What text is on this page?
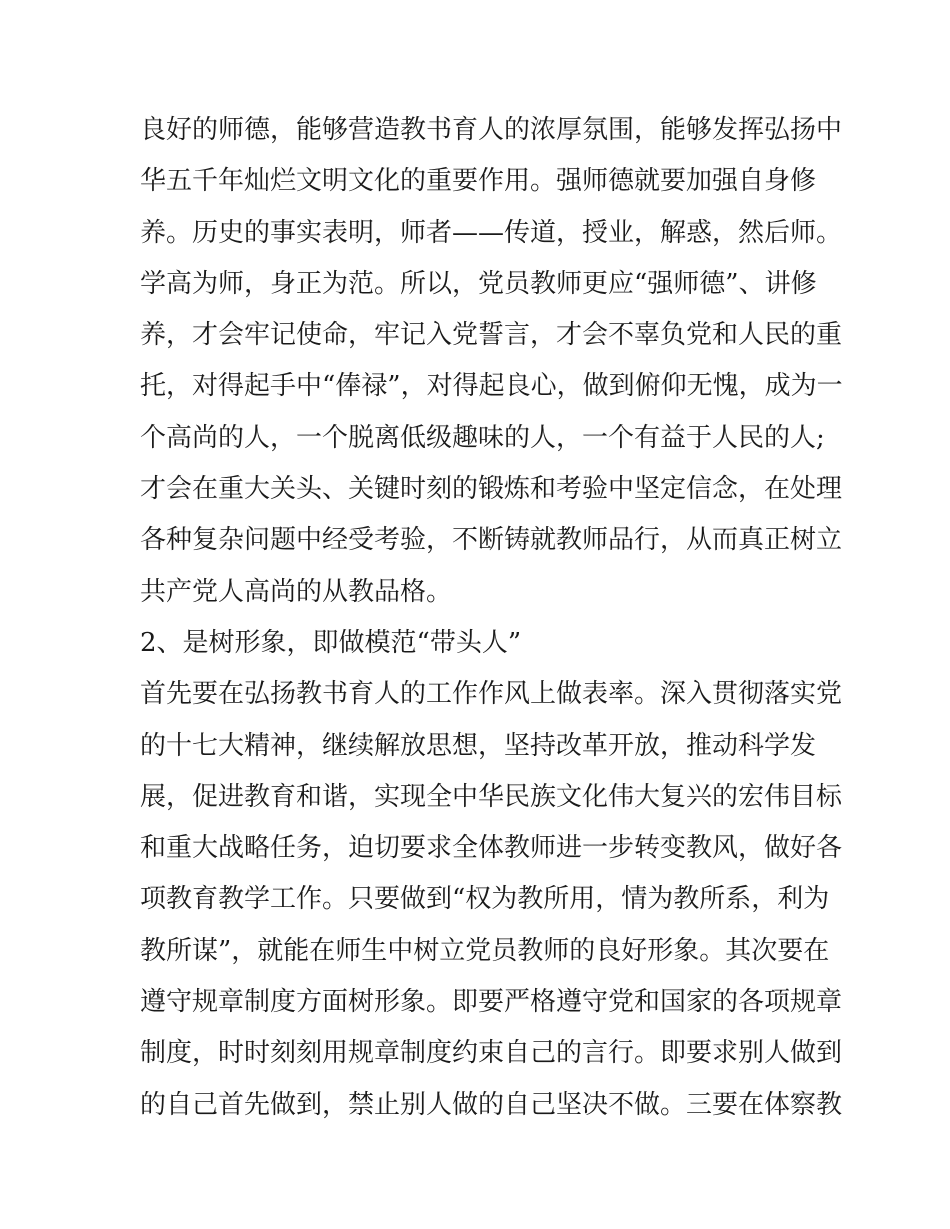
良好的师德，能够营造教书育人的浓厚氛围，能够发挥弘扬中
华五千年灿烂文明文化的重要作用。强师德就要加强自身修
养。历史的事实表明，师者——传道，授业，解惑，然后师。
学高为师，身正为范。所以，党员教师更应“强师德”、讲修
养，才会牢记使命，牢记入党誓言，才会不辜负党和人民的重
托，对得起手中“俸禄”，对得起良心，做到俯仰无愧，成为一
个高尚的人，一个脱离低级趣味的人，一个有益于人民的人;
才会在重大关头、关键时刻的锻炼和考验中坚定信念，在处理
各种复杂问题中经受考验，不断铸就教师品行，从而真正树立
共产党人高尚的从教品格。
2、是树形象，即做模范“带头人”
首先要在弘扬教书育人的工作作风上做表率。深入贯彻落实党
的十七大精神，继续解放思想，坚持改革开放，推动科学发
展，促进教育和谐，实现全中华民族文化伟大复兴的宏伟目标
和重大战略任务，迫切要求全体教师进一步转变教风，做好各
项教育教学工作。只要做到“权为教所用，情为教所系，利为
教所谋”，就能在师生中树立党员教师的良好形象。其次要在
遵守规章制度方面树形象。即要严格遵守党和国家的各项规章
制度，时时刻刻用规章制度约束自己的言行。即要求别人做到
的自己首先做到，禁止别人做的自己坚决不做。三要在体察教
